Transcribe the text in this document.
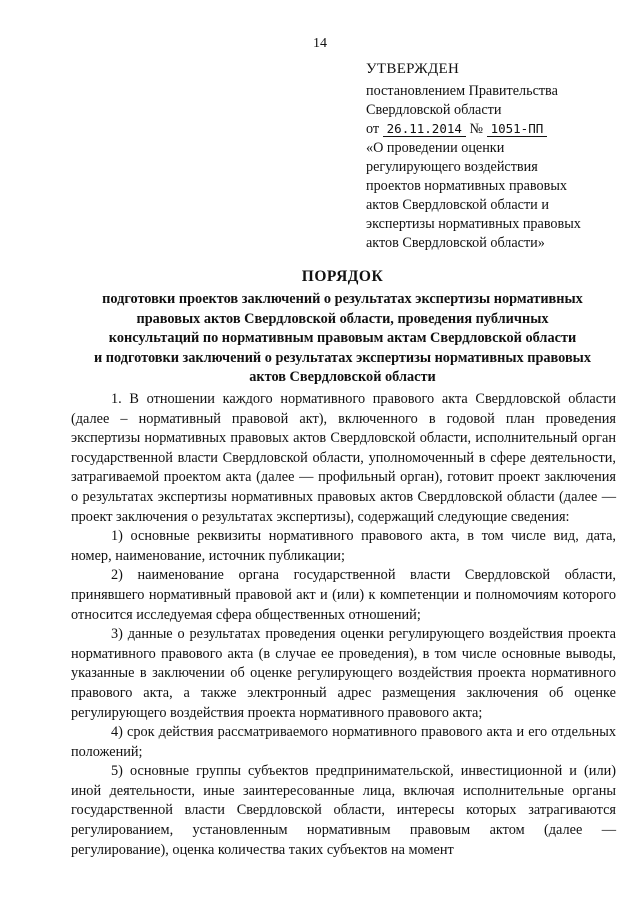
14
УТВЕРЖДЕН
постановлением Правительства
Свердловской области
от 26.11.2014 № 1051-ПП
«О проведении оценки
регулирующего воздействия
проектов нормативных правовых
актов Свердловской области и
экспертизы нормативных правовых
актов Свердловской области»
ПОРЯДОК
подготовки проектов заключений о результатах экспертизы нормативных
правовых актов Свердловской области, проведения публичных
консультаций по нормативным правовым актам Свердловской области
и подготовки заключений о результатах экспертизы нормативных правовых
актов Свердловской области

1. В отношении каждого нормативного правового акта Свердловской области (далее – нормативный правовой акт), включенного в годовой план проведения экспертизы нормативных правовых актов Свердловской области, исполнительный орган государственной власти Свердловской области, уполномоченный в сфере деятельности, затрагиваемой проектом акта (далее — профильный орган), готовит проект заключения о результатах экспертизы нормативных правовых актов Свердловской области (далее — проект заключения о результатах экспертизы), содержащий следующие сведения:

1) основные реквизиты нормативного правового акта, в том числе вид, дата, номер, наименование, источник публикации;

2) наименование органа государственной власти Свердловской области, принявшего нормативный правовой акт и (или) к компетенции и полномочиям которого относится исследуемая сфера общественных отношений;

3) данные о результатах проведения оценки регулирующего воздействия проекта нормативного правового акта (в случае ее проведения), в том числе основные выводы, указанные в заключении об оценке регулирующего воздействия проекта нормативного правового акта, а также электронный адрес размещения заключения об оценке регулирующего воздействия проекта нормативного правового акта;

4) срок действия рассматриваемого нормативного правового акта и его отдельных положений;

5) основные группы субъектов предпринимательской, инвестиционной и (или) иной деятельности, иные заинтересованные лица, включая исполнительные органы государственной власти Свердловской области, интересы которых затрагиваются регулированием, установленным нормативным правовым актом (далее — регулирование), оценка количества таких субъектов на момент
